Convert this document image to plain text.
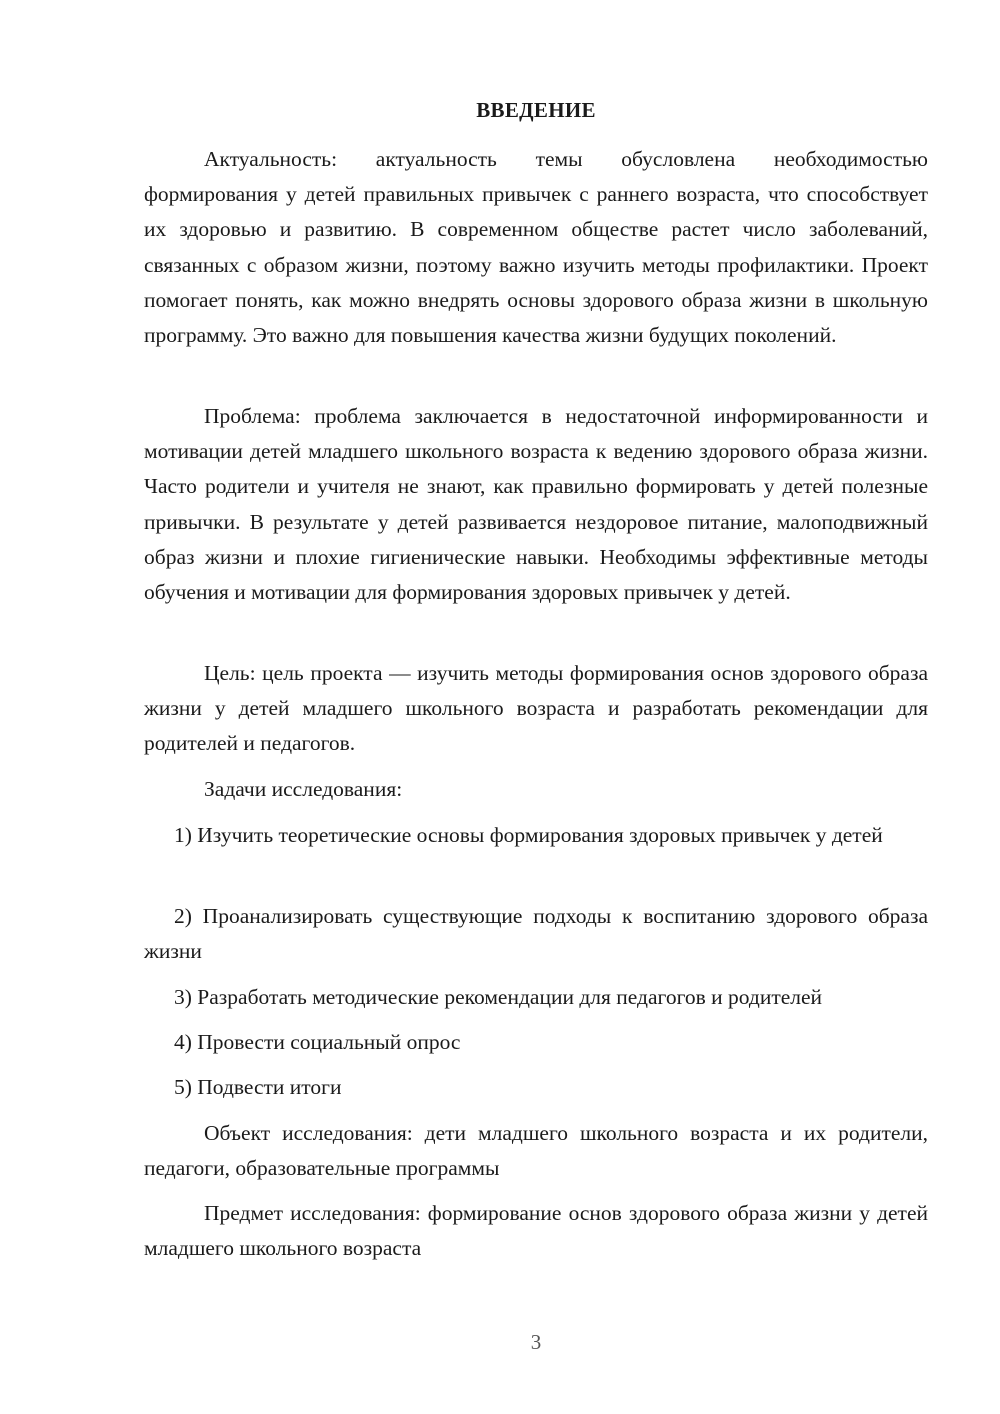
ВВЕДЕНИЕ
Актуальность: актуальность темы обусловлена необходимостью формирования у детей правильных привычек с раннего возраста, что способствует их здоровью и развитию. В современном обществе растет число заболеваний, связанных с образом жизни, поэтому важно изучить методы профилактики. Проект помогает понять, как можно внедрять основы здорового образа жизни в школьную программу. Это важно для повышения качества жизни будущих поколений.
Проблема: проблема заключается в недостаточной информированности и мотивации детей младшего школьного возраста к ведению здорового образа жизни. Часто родители и учителя не знают, как правильно формировать у детей полезные привычки. В результате у детей развивается нездоровое питание, малоподвижный образ жизни и плохие гигиенические навыки. Необходимы эффективные методы обучения и мотивации для формирования здоровых привычек у детей.
Цель: цель проекта — изучить методы формирования основ здорового образа жизни у детей младшего школьного возраста и разработать рекомендации для родителей и педагогов.
Задачи исследования:
1) Изучить теоретические основы формирования здоровых привычек у детей
2) Проанализировать существующие подходы к воспитанию здорового образа жизни
3) Разработать методические рекомендации для педагогов и родителей
4) Провести социальный опрос
5) Подвести итоги
Объект исследования: дети младшего школьного возраста и их родители, педагоги, образовательные программы
Предмет исследования: формирование основ здорового образа жизни у детей младшего школьного возраста
3
